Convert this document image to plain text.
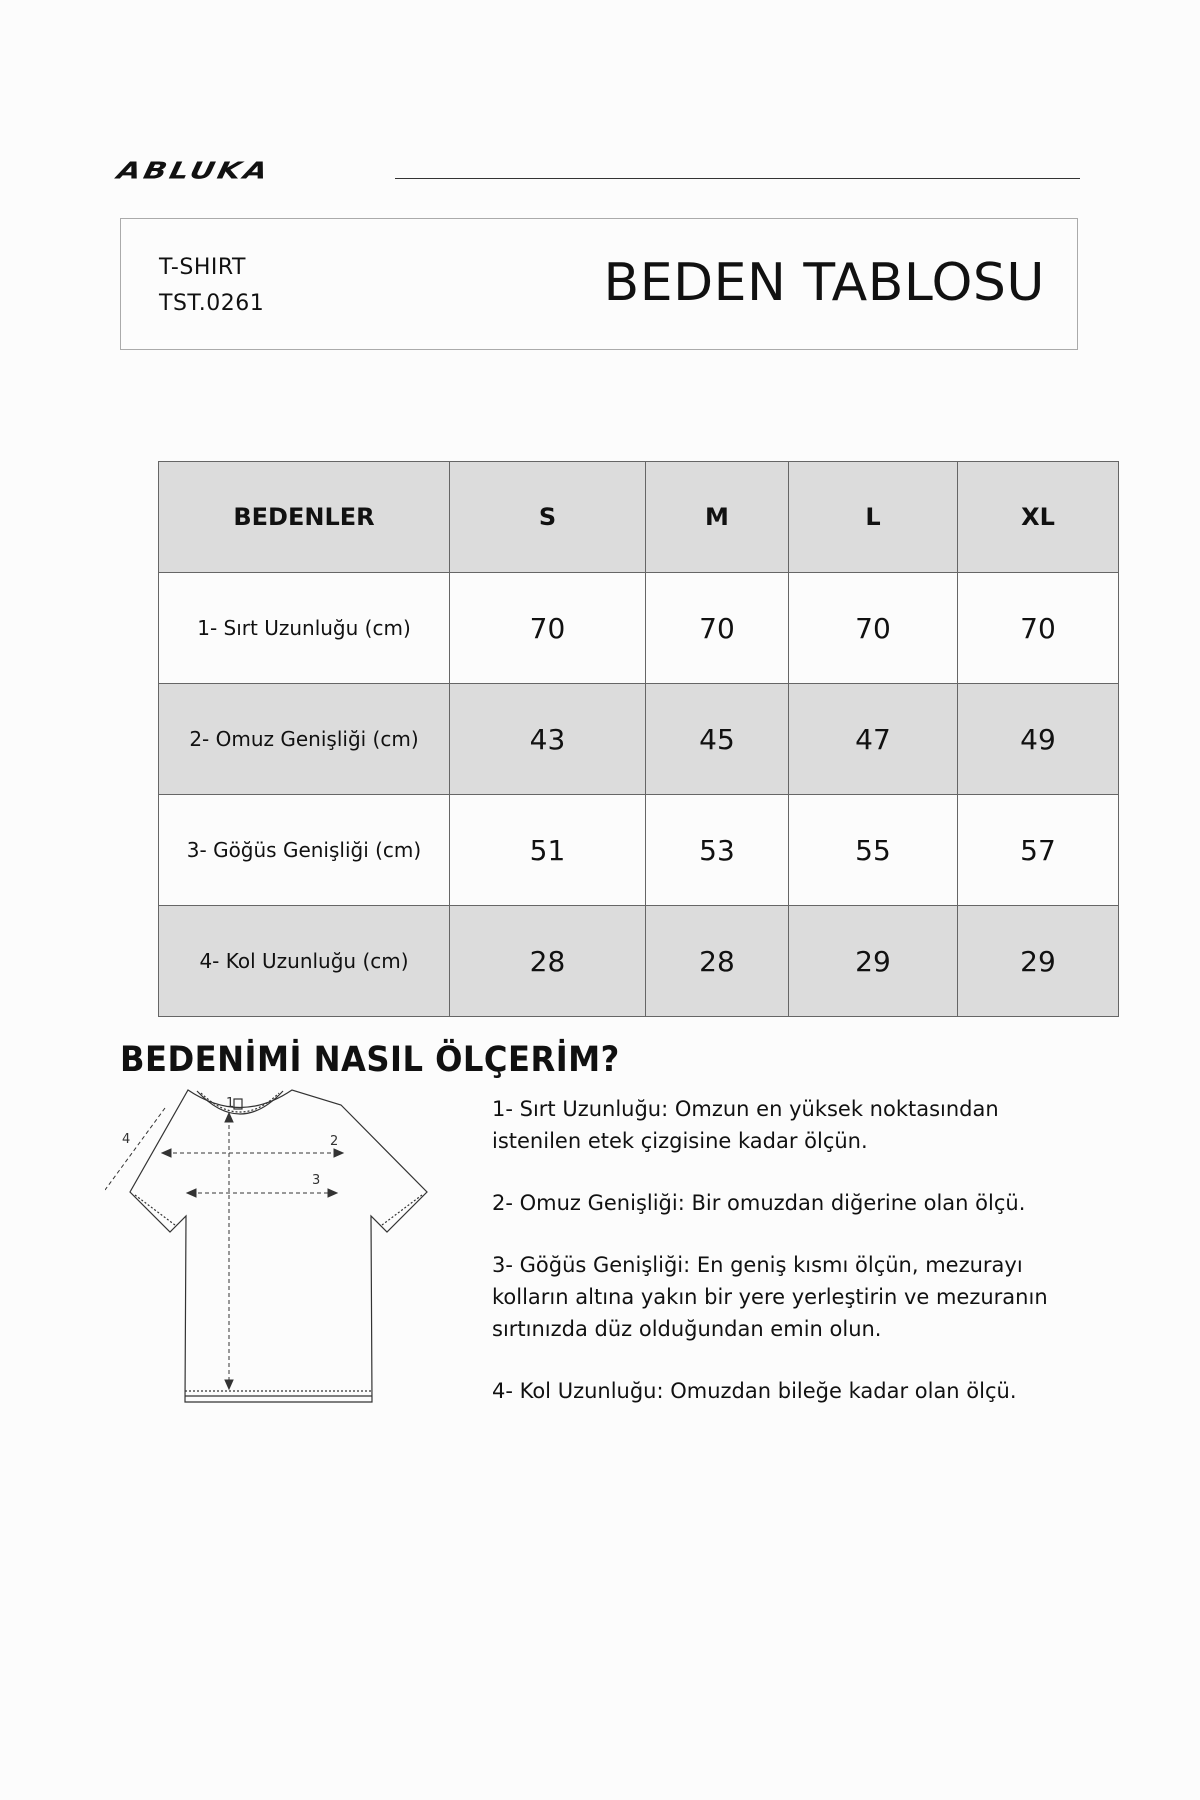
ABLUKA
T-SHIRT
TST.0261	BEDEN TABLOSU
BEDENLER	S	M	L	XL
1- Sırt Uzunluğu (cm)	70	70	70	70
2- Omuz Genişliği (cm)	43	45	47	49
3- Göğüs Genişliği (cm)	51	53	55	57
4- Kol Uzunluğu (cm)	28	28	29	29
BEDENİMİ NASIL ÖLÇERİM?
1
2
3
4

1- Sırt Uzunluğu: Omzun en yüksek noktasından istenilen etek çizgisine kadar ölçün.

2- Omuz Genişliği: Bir omuzdan diğerine olan ölçü.

3- Göğüs Genişliği: En geniş kısmı ölçün, mezurayı kolların altına yakın bir yere yerleştirin ve mezuranın sırtınızda düz olduğundan emin olun.

4- Kol Uzunluğu: Omuzdan bileğe kadar olan ölçü.
